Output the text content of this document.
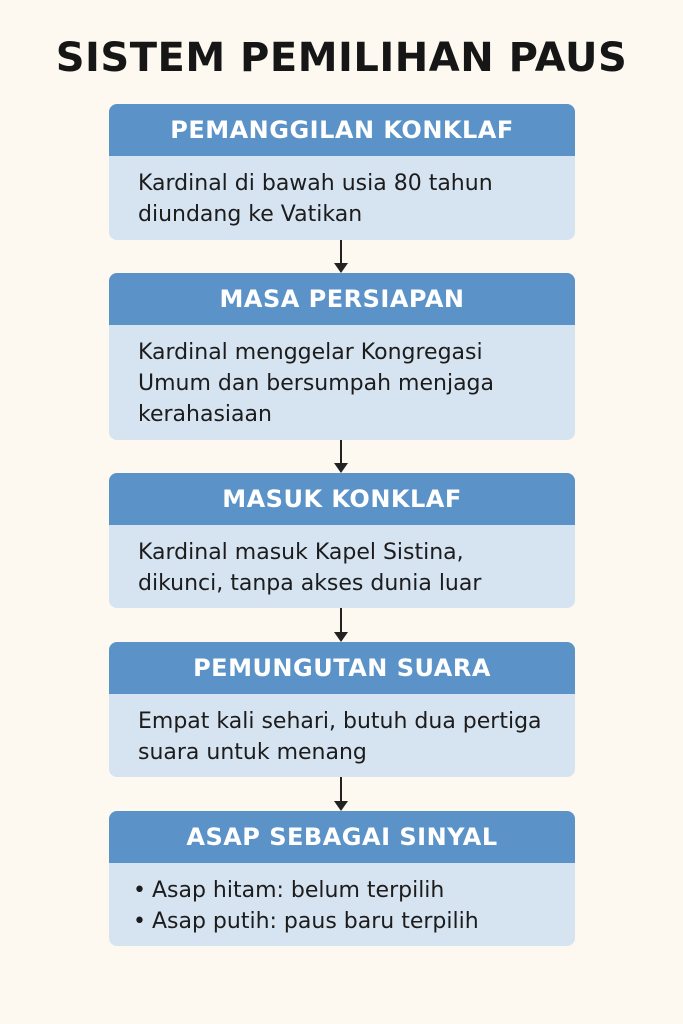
SISTEM PEMILIHAN PAUS
PEMANGGILAN KONKLAF
Kardinal di bawah usia 80 tahun
diundang ke Vatikan
MASA PERSIAPAN
Kardinal menggelar Kongregasi
Umum dan bersumpah menjaga
kerahasiaan
MASUK KONKLAF
Kardinal masuk Kapel Sistina,
dikunci, tanpa akses dunia luar
PEMUNGUTAN SUARA
Empat kali sehari, butuh dua pertiga
suara untuk menang
ASAP SEBAGAI SINYAL
• Asap hitam: belum terpilih
• Asap putih: paus baru terpilih
